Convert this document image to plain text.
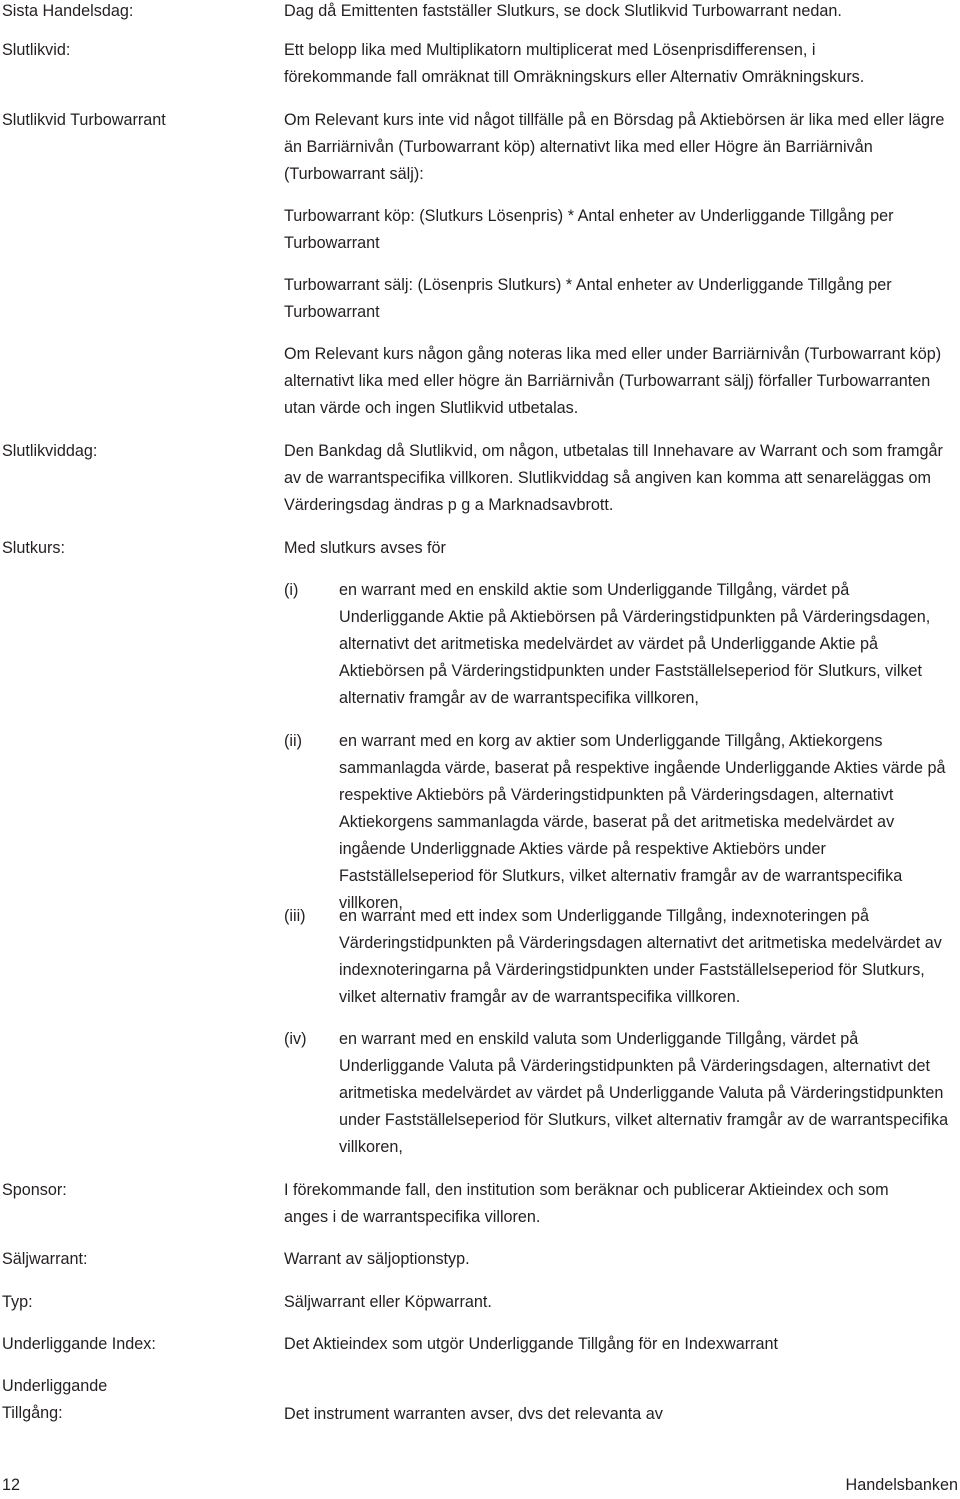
Sista Handelsdag:	Dag då Emittenten fastställer Slutkurs, se dock Slutlikvid Turbowarrant nedan.

Slutlikvid:	Ett belopp lika med Multiplikatorn multiplicerat med Lösenprisdifferensen, i förekommande fall omräknat till Omräkningskurs eller Alternativ Omräkningskurs.

Slutlikvid Turbowarrant	Om Relevant kurs inte vid något tillfälle på en Börsdag på Aktiebörsen är lika med eller lägre än Barriärnivån (Turbowarrant köp) alternativt lika med eller Högre än Barriärnivån (Turbowarrant sälj):

Turbowarrant köp: (Slutkurs Lösenpris) * Antal enheter av Underliggande Tillgång per Turbowarrant

Turbowarrant sälj: (Lösenpris Slutkurs) * Antal enheter av Underliggande Tillgång per Turbowarrant

Om Relevant kurs någon gång noteras lika med eller under Barriärnivån (Turbowarrant köp) alternativt lika med eller högre än Barriärnivån (Turbowarrant sälj) förfaller Turbowarranten utan värde och ingen Slutlikvid utbetalas.

Slutlikviddag:	Den Bankdag då Slutlikvid, om någon, utbetalas till Innehavare av Warrant och som framgår av de warrantspecifika villkoren. Slutlikviddag så angiven kan komma att senareläggas om Värderingsdag ändras p g a Marknadsavbrott.

Slutkurs:	Med slutkurs avses för

(i)	en warrant med en enskild aktie som Underliggande Tillgång, värdet på Underliggande Aktie på Aktiebörsen på Värderingstidpunkten på Värderingsdagen, alternativt det aritmetiska medelvärdet av värdet på Underliggande Aktie på Aktiebörsen på Värderingstidpunkten under Fastställelseperiod för Slutkurs, vilket alternativ framgår av de warrantspecifika villkoren,

(ii) en warrant med en korg av aktier som Underliggande Tillgång, Aktiekorgens sammanlagda värde, baserat på respektive ingående Underliggande Akties värde på respektive Aktiebörs på Värderingstidpunkten på Värderingsdagen, alternativt Aktiekorgens sammanlagda värde, baserat på det aritmetiska medelvärdet av ingående Underliggnade Akties värde på respektive Aktiebörs under Fastställelseperiod för Slutkurs, vilket alternativ framgår av de warrantspecifika villkoren,

(iii) en warrant med ett index som Underliggande Tillgång, indexnoteringen på Värderingstidpunkten på Värderingsdagen alternativt det aritmetiska medelvärdet av indexnoteringarna på Värderingstidpunkten under Fastställelseperiod för Slutkurs, vilket alternativ framgår av de warrantspecifika villkoren.

(iv) en warrant med en enskild valuta som Underliggande Tillgång, värdet på Underliggande Valuta på Värderingstidpunkten på Värderingsdagen, alternativt det aritmetiska medelvärdet av värdet på Underliggande Valuta på Värderingstidpunkten under Fastställelseperiod för Slutkurs, vilket alternativ framgår av de warrantspecifika villkoren,

Sponsor:	I förekommande fall, den institution som beräknar och publicerar Aktieindex och som anges i de warrantspecifika villoren.

Säljwarrant:	Warrant av säljoptionstyp.

Typ:	Säljwarrant eller Köpwarrant.

Underliggande Index:	Det Aktieindex som utgör Underliggande Tillgång för en Indexwarrant

Underliggande
Tillgång:	Det instrument warranten avser, dvs det relevanta av

12	Handelsbanken
